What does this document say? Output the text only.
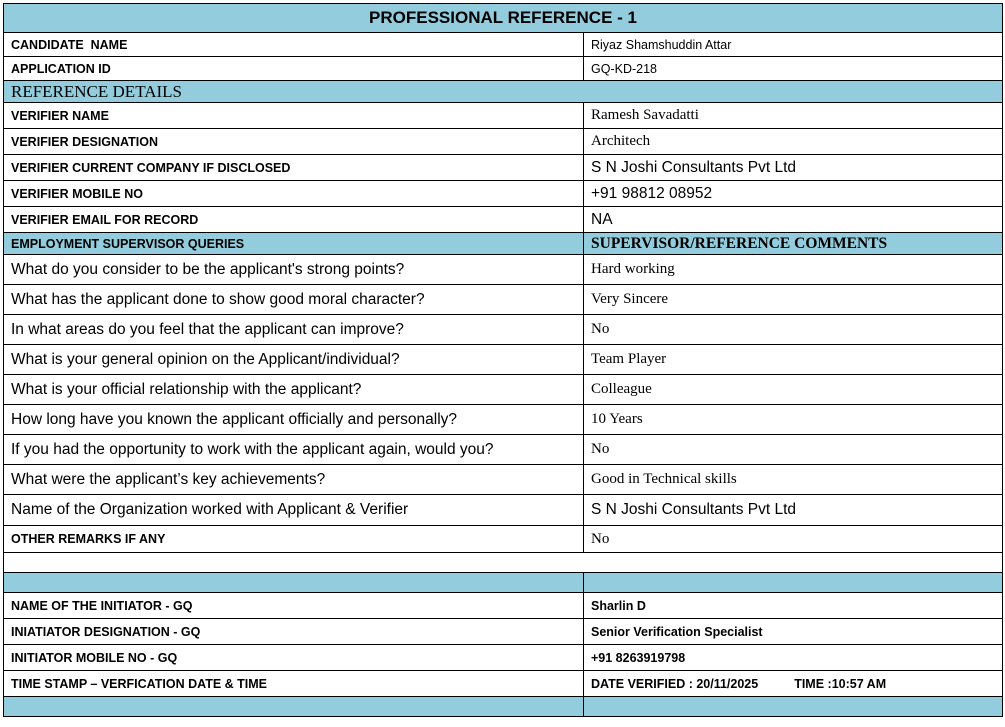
PROFESSIONAL REFERENCE - 1	
CANDIDATE  NAME	Riyaz Shamshuddin Attar
APPLICATION ID	GQ-KD-218
REFERENCE DETAILS	
VERIFIER NAME	Ramesh Savadatti
VERIFIER DESIGNATION	Architech
VERIFIER CURRENT COMPANY IF DISCLOSED	S N Joshi Consultants Pvt Ltd
VERIFIER MOBILE NO	+91 98812 08952
VERIFIER EMAIL FOR RECORD	NA
EMPLOYMENT SUPERVISOR QUERIES	SUPERVISOR/REFERENCE COMMENTS
What do you consider to be the applicant's strong points?	Hard working
What has the applicant done to show good moral character?	Very Sincere
In what areas do you feel that the applicant can improve?	No
What is your general opinion on the Applicant/individual?	Team Player
What is your official relationship with the applicant?	Colleague
How long have you known the applicant officially and personally?	10 Years
If you had the opportunity to work with the applicant again, would you?	No
What were the applicant’s key achievements?	Good in Technical skills
Name of the Organization worked with Applicant & Verifier	S N Joshi Consultants Pvt Ltd
OTHER REMARKS IF ANY	No

NAME OF THE INITIATOR - GQ	Sharlin D
INIATIATOR DESIGNATION - GQ	Senior Verification Specialist
INITIATOR MOBILE NO - GQ	+91 8263919798
TIME STAMP – VERFICATION DATE & TIME	DATE VERIFIED : 20/11/2025 TIME :10:57 AM
